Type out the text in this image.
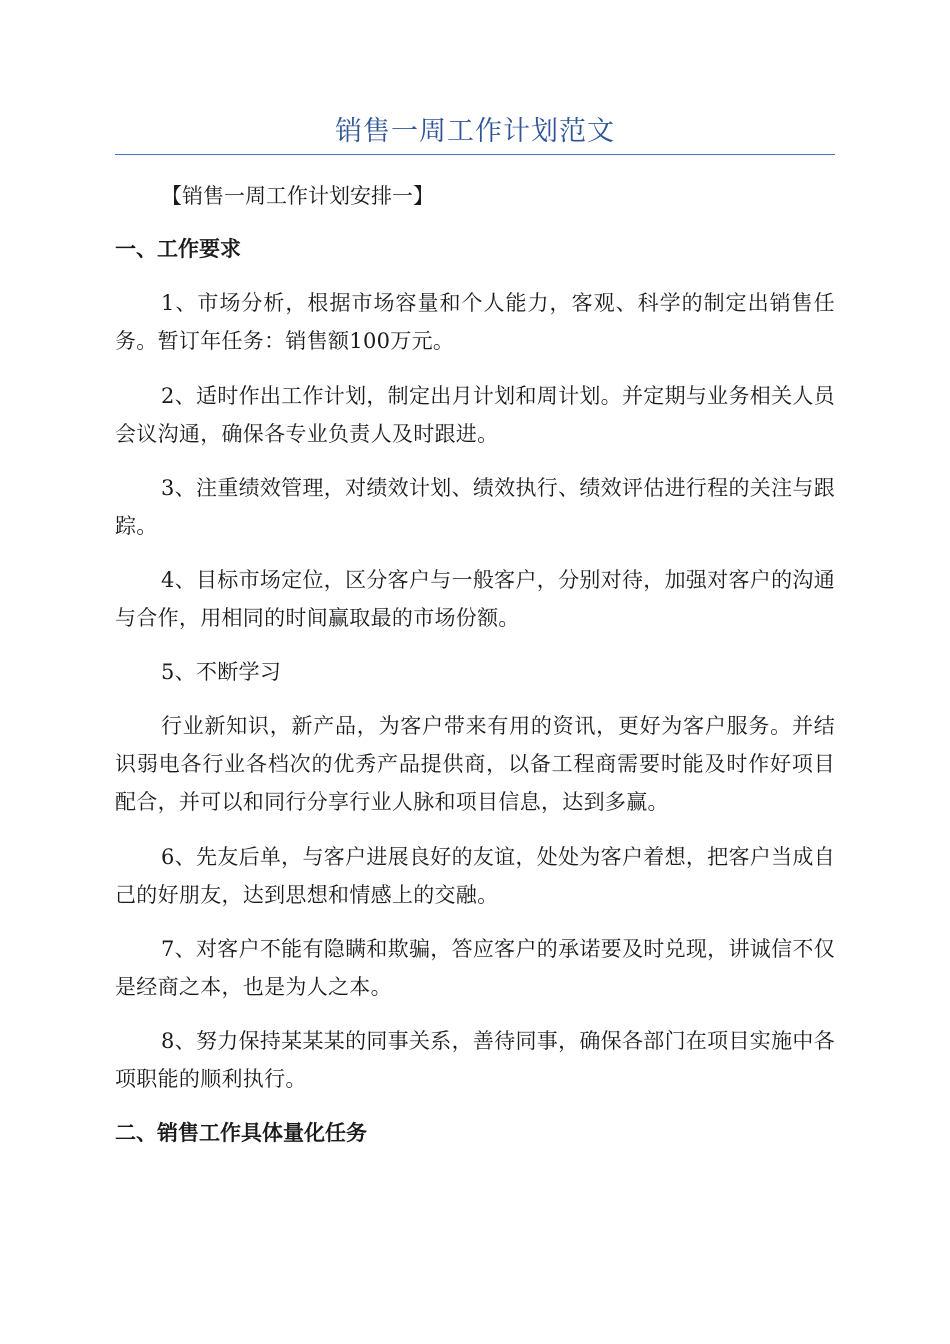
销售一周工作计划范文
【销售一周工作计划安排一】
一、工作要求
1、市场分析，根据市场容量和个人能力，客观、科学的制定出销售任务。暂订年任务：销售额100万元。
2、适时作出工作计划，制定出月计划和周计划。并定期与业务相关人员会议沟通，确保各专业负责人及时跟进。
3、注重绩效管理，对绩效计划、绩效执行、绩效评估进行程的关注与跟踪。
4、目标市场定位，区分客户与一般客户，分别对待，加强对客户的沟通与合作，用相同的时间赢取最的市场份额。
5、不断学习
行业新知识，新产品，为客户带来有用的资讯，更好为客户服务。并结识弱电各行业各档次的优秀产品提供商，以备工程商需要时能及时作好项目配合，并可以和同行分享行业人脉和项目信息，达到多赢。
6、先友后单，与客户进展良好的友谊，处处为客户着想，把客户当成自己的好朋友，达到思想和情感上的交融。
7、对客户不能有隐瞒和欺骗，答应客户的承诺要及时兑现，讲诚信不仅是经商之本，也是为人之本。
8、努力保持某某某的同事关系，善待同事，确保各部门在项目实施中各项职能的顺利执行。
二、销售工作具体量化任务
